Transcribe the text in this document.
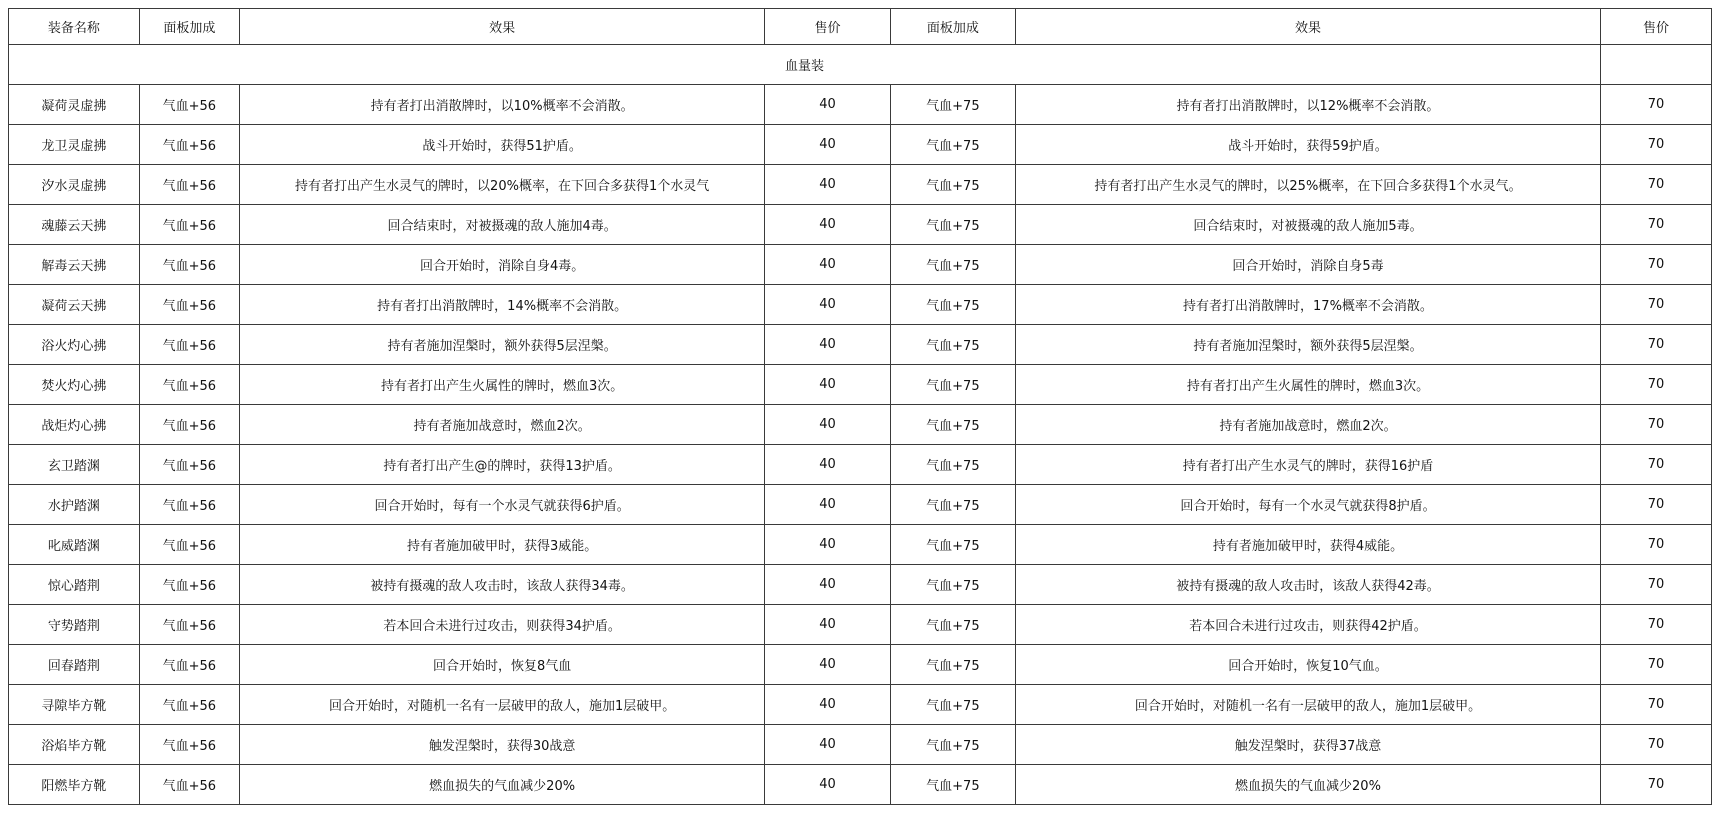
装备名称	面板加成	效果	售价	面板加成	效果	售价
血量装						
凝荷灵虚拂	气血+56	持有者打出消散牌时，以10%概率不会消散。	40	气血+75	持有者打出消散牌时，以12%概率不会消散。	70
龙卫灵虚拂	气血+56	战斗开始时，获得51护盾。	40	气血+75	战斗开始时，获得59护盾。	70
汐水灵虚拂	气血+56	持有者打出产生水灵气的牌时，以20%概率，在下回合多获得1个水灵气	40	气血+75	持有者打出产生水灵气的牌时，以25%概率，在下回合多获得1个水灵气。	70
魂藤云天拂	气血+56	回合结束时，对被摄魂的敌人施加4毒。	40	气血+75	回合结束时，对被摄魂的敌人施加5毒。	70
解毒云天拂	气血+56	回合开始时，消除自身4毒。	40	气血+75	回合开始时，消除自身5毒	70
凝荷云天拂	气血+56	持有者打出消散牌时，14%概率不会消散。	40	气血+75	持有者打出消散牌时，17%概率不会消散。	70
浴火灼心拂	气血+56	持有者施加涅槃时，额外获得5层涅槃。	40	气血+75	持有者施加涅槃时，额外获得5层涅槃。	70
焚火灼心拂	气血+56	持有者打出产生火属性的牌时，燃血3次。	40	气血+75	持有者打出产生火属性的牌时，燃血3次。	70
战炬灼心拂	气血+56	持有者施加战意时，燃血2次。	40	气血+75	持有者施加战意时，燃血2次。	70
玄卫踏渊	气血+56	持有者打出产生@的牌时，获得13护盾。	40	气血+75	持有者打出产生水灵气的牌时，获得16护盾	70
水护踏渊	气血+56	回合开始时，每有一个水灵气就获得6护盾。	40	气血+75	回合开始时，每有一个水灵气就获得8护盾。	70
叱威踏渊	气血+56	持有者施加破甲时，获得3威能。	40	气血+75	持有者施加破甲时，获得4威能。	70
惊心踏荆	气血+56	被持有摄魂的敌人攻击时，该敌人获得34毒。	40	气血+75	被持有摄魂的敌人攻击时，该敌人获得42毒。	70
守势踏荆	气血+56	若本回合未进行过攻击，则获得34护盾。	40	气血+75	若本回合未进行过攻击，则获得42护盾。	70
回春踏荆	气血+56	回合开始时，恢复8气血	40	气血+75	回合开始时，恢复10气血。	70
寻隙毕方靴	气血+56	回合开始时，对随机一名有一层破甲的敌人，施加1层破甲。	40	气血+75	回合开始时，对随机一名有一层破甲的敌人，施加1层破甲。	70
浴焰毕方靴	气血+56	触发涅槃时，获得30战意	40	气血+75	触发涅槃时，获得37战意	70
阳燃毕方靴	气血+56	燃血损失的气血减少20%	40	气血+75	燃血损失的气血减少20%	70
